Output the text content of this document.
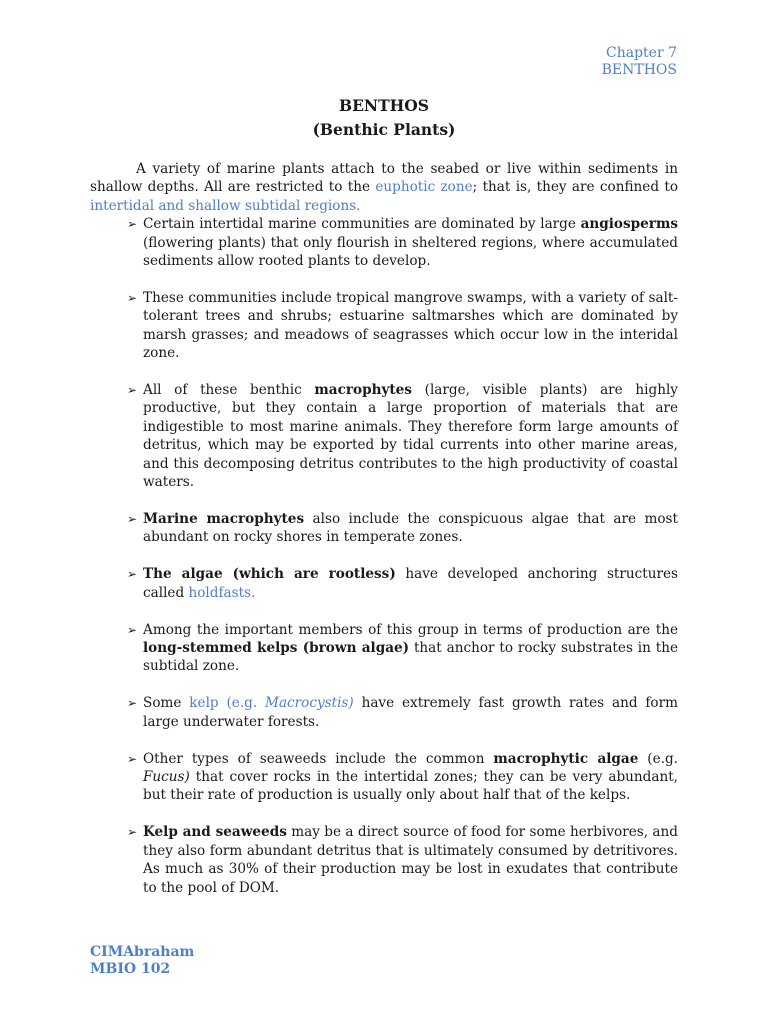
Chapter 7
BENTHOS
BENTHOS
(Benthic Plants)

A variety of marine plants attach to the seabed or live within sediments in shallow depths. All are restricted to the euphotic zone; that is, they are confined to intertidal and shallow subtidal regions.

➢ Certain intertidal marine communities are dominated by large angiosperms (flowering plants) that only flourish in sheltered regions, where accumulated sediments allow rooted plants to develop.
➢ These communities include tropical mangrove swamps, with a variety of salt-tolerant trees and shrubs; estuarine saltmarshes which are dominated by marsh grasses; and meadows of seagrasses which occur low in the interidal zone.
➢ All of these benthic macrophytes (large, visible plants) are highly productive, but they contain a large proportion of materials that are indigestible to most marine animals. They therefore form large amounts of detritus, which may be exported by tidal currents into other marine areas, and this decomposing detritus contributes to the high productivity of coastal waters.
➢ Marine macrophytes also include the conspicuous algae that are most abundant on rocky shores in temperate zones.
➢ The algae (which are rootless) have developed anchoring structures called holdfasts.
➢ Among the important members of this group in terms of production are the long-stemmed kelps (brown algae) that anchor to rocky substrates in the subtidal zone.
➢ Some kelp (e.g. Macrocystis) have extremely fast growth rates and form large underwater forests.
➢ Other types of seaweeds include the common macrophytic algae (e.g. Fucus) that cover rocks in the intertidal zones; they can be very abundant, but their rate of production is usually only about half that of the kelps.
➢ Kelp and seaweeds may be a direct source of food for some herbivores, and they also form abundant detritus that is ultimately consumed by detritivores. As much as 30% of their production may be lost in exudates that contribute to the pool of DOM.
CIMAbraham
MBIO 102
